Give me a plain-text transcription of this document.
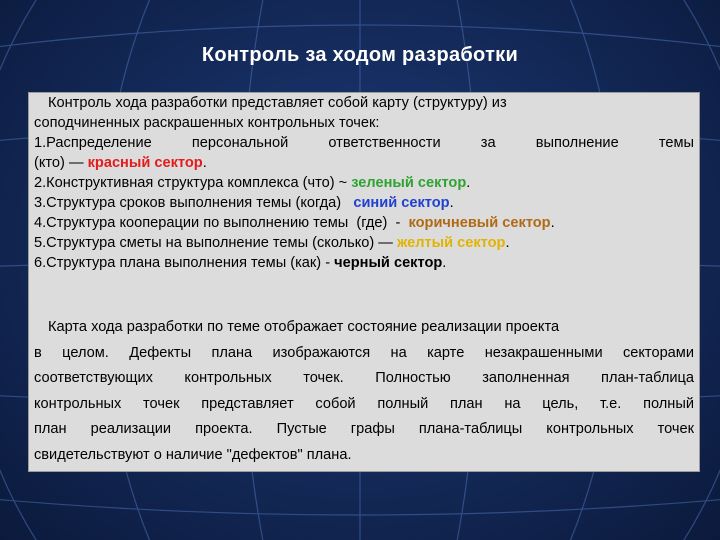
Контроль за ходом разработки
Контроль хода разработки представляет собой карту (структуру) из
соподчиненных раскрашенных контрольных точек:
1.Распределение персональной ответственности за выполнение темы
(кто) — красный сектор.
2.Конструктивная структура комплекса (что) ~ зеленый сектор.
3.Структура сроков выполнения темы (когда)   синий сектор.
4.Структура кооперации по выполнению темы  (где)  -  коричневый сектор.
5.Структура сметы на выполнение темы (сколько) — желтый сектор.
6.Структура плана выполнения темы (как) - черный сектор.
Карта хода разработки по теме отображает состояние реализации проекта
в целом. Дефекты плана изображаются на карте незакрашенными секторами
соответствующих контрольных точек. Полностью заполненная план-таблица
контрольных точек представляет собой полный план на цель, т.е. полный
план реализации проекта. Пустые графы плана-таблицы контрольных точек
свидетельствуют о наличие "дефектов" плана.
